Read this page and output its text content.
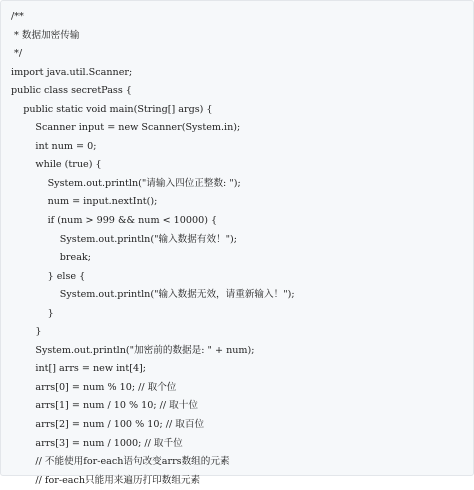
/**
* 数据加密传输
*/
import java.util.Scanner;
public class secretPass {
public static void main(String[] args) {
Scanner input = new Scanner(System.in);
int num = 0;
while (true) {
System.out.println("请输入四位正整数: ");
num = input.nextInt();
if (num > 999 && num < 10000) {
System.out.println("输入数据有效！");
break;
} else {
System.out.println("输入数据无效，请重新输入！");
}
}
System.out.println("加密前的数据是: " + num);
int[] arrs = new int[4];
arrs[0] = num % 10; // 取个位
arrs[1] = num / 10 % 10; // 取十位
arrs[2] = num / 100 % 10; // 取百位
arrs[3] = num / 1000; // 取千位
// 不能使用for-each语句改变arrs数组的元素
// for-each只能用来遍历打印数组元素
